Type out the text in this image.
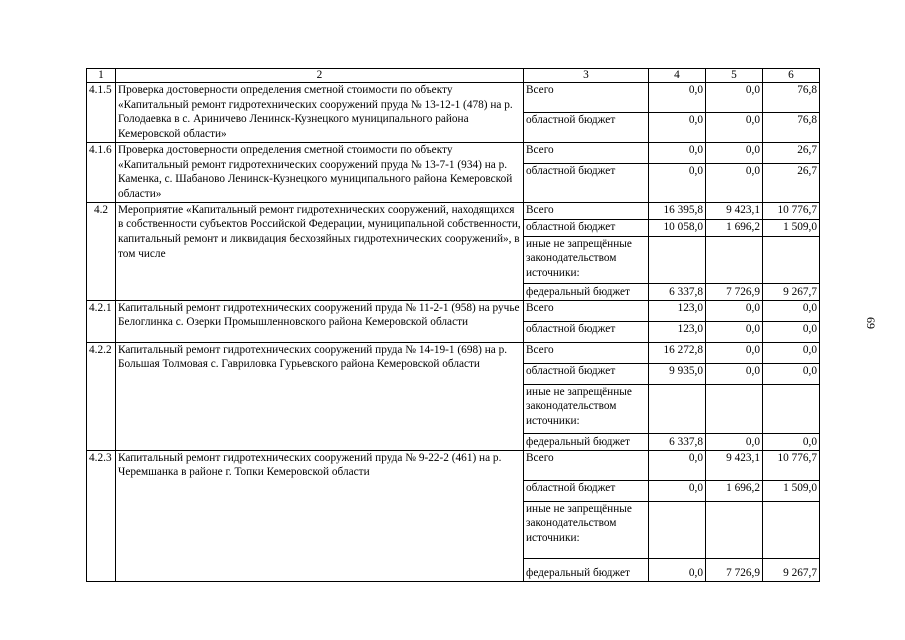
1	2	3	4	5	6
4.1.5	Проверка достоверности определения сметной стоимости по объекту «Капитальный ремонт гидротехнических сооружений пруда № 13-12-1 (478) на р. Голодаевка в с. Ариничево Ленинск-Кузнецкого муниципального района Кемеровской области»	Всего	0,0	0,0	76,8
		областной бюджет	0,0	0,0	76,8
4.1.6	Проверка достоверности определения сметной стоимости по объекту «Капитальный ремонт гидротехнических сооружений пруда № 13-7-1 (934) на р. Каменка, с. Шабаново Ленинск-Кузнецкого муниципального района Кемеровской области»	Всего	0,0	0,0	26,7
		областной бюджет	0,0	0,0	26,7
4.2	Мероприятие «Капитальный ремонт гидротехнических сооружений, находящихся в собственности субъектов Российской Федерации, муниципальной собственности, капитальный ремонт и ликвидация бесхозяйных гидротехнических сооружений», в том числе	Всего	16 395,8	9 423,1	10 776,7
		областной бюджет	10 058,0	1 696,2	1 509,0
		иные не запрещённые законодательством источники:			
		федеральный бюджет	6 337,8	7 726,9	9 267,7
4.2.1	Капитальный ремонт гидротехнических сооружений пруда № 11-2-1 (958) на ручье Белоглинка с. Озерки Промышленновского района Кемеровской области	Всего	123,0	0,0	0,0
		областной бюджет	123,0	0,0	0,0
4.2.2	Капитальный ремонт гидротехнических сооружений пруда № 14-19-1 (698) на р. Большая Толмовая с. Гавриловка Гурьевского района Кемеровской области	Всего	16 272,8	0,0	0,0
		областной бюджет	9 935,0	0,0	0,0
		иные не запрещённые законодательством источники:			
		федеральный бюджет	6 337,8	0,0	0,0
4.2.3	Капитальный ремонт гидротехнических сооружений пруда № 9-22-2 (461) на р. Черемшанка в районе г. Топки Кемеровской области	Всего	0,0	9 423,1	10 776,7
		областной бюджет	0,0	1 696,2	1 509,0
		иные не запрещённые законодательством источники:			
		федеральный бюджет	0,0	7 726,9	9 267,7
69
